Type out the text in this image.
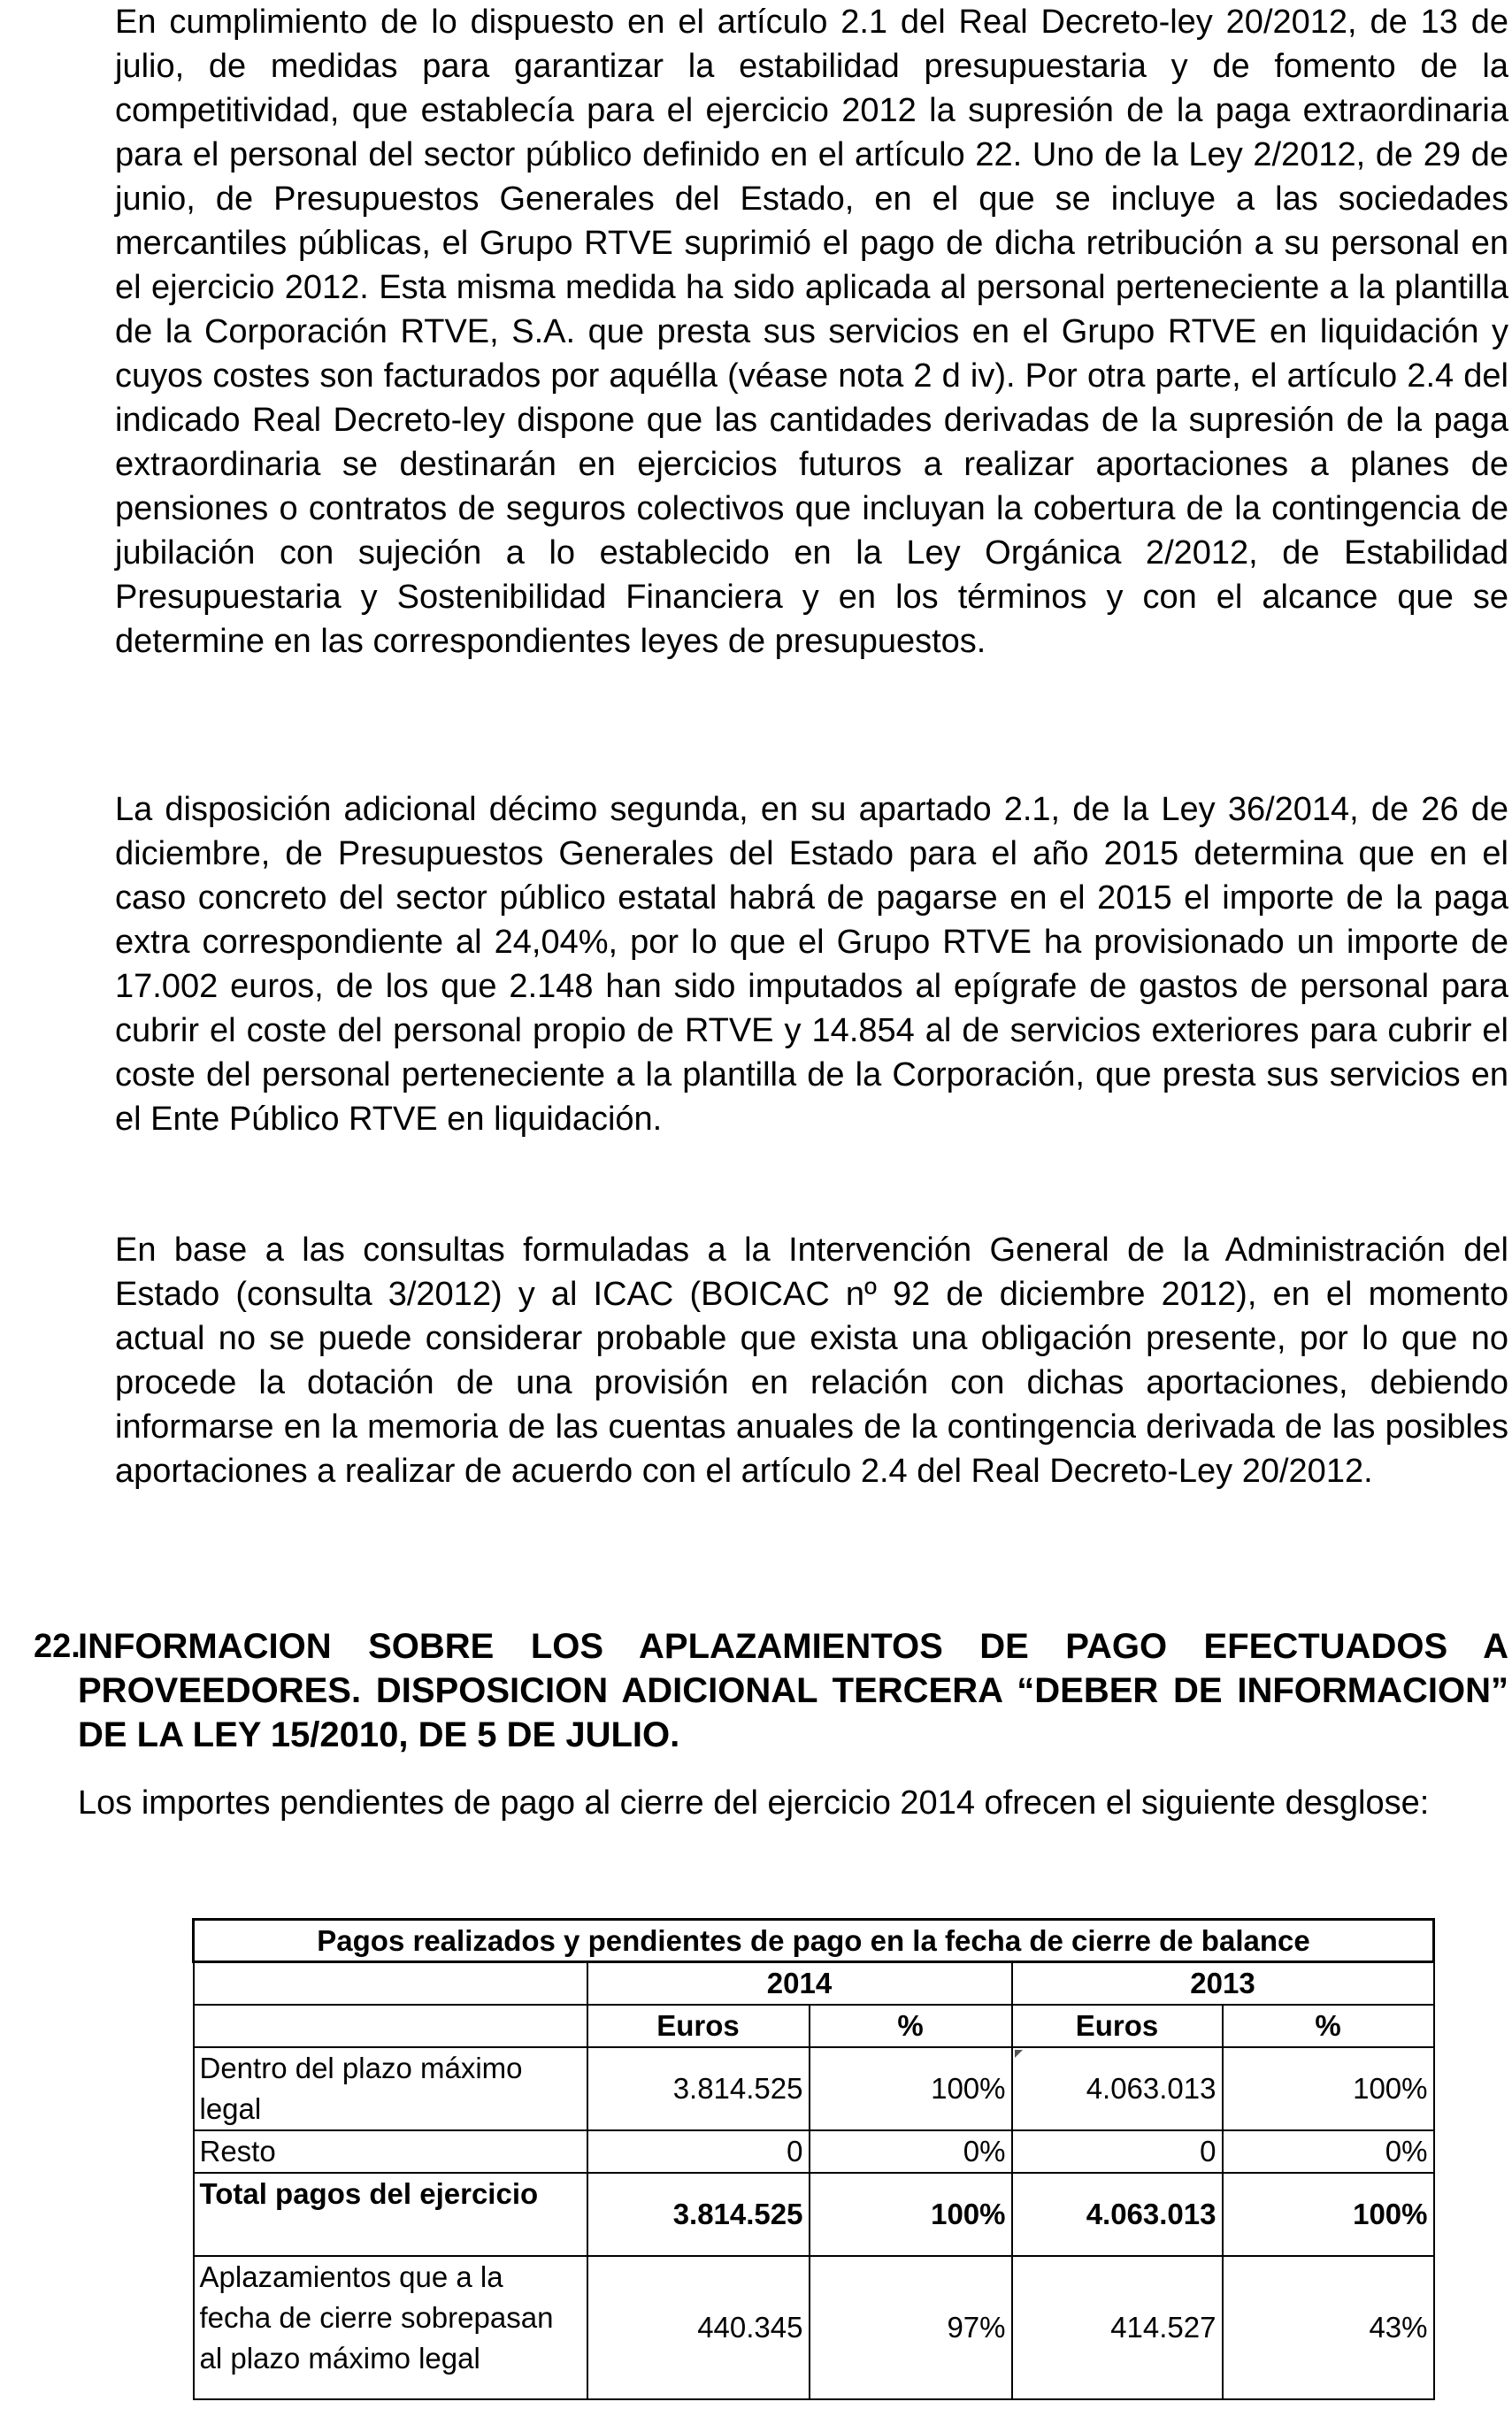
En cumplimiento de lo dispuesto en el artículo 2.1 del Real Decreto-ley 20/2012, de 13 de julio, de medidas para garantizar la estabilidad presupuestaria y de fomento de la competitividad, que establecía para el ejercicio 2012 la supresión de la paga extraordinaria para el personal del sector público definido en el artículo 22. Uno de la Ley 2/2012, de 29 de junio, de Presupuestos Generales del Estado, en el que se incluye a las sociedades mercantiles públicas, el Grupo RTVE suprimió el pago de dicha retribución a su personal en el ejercicio 2012. Esta misma medida ha sido aplicada al personal perteneciente a la plantilla de la Corporación RTVE, S.A. que presta sus servicios en el Grupo RTVE en liquidación y cuyos costes son facturados por aquélla (véase nota 2 d iv). Por otra parte, el artículo 2.4 del indicado Real Decreto-ley dispone que las cantidades derivadas de la supresión de la paga extraordinaria se destinarán en ejercicios futuros a realizar aportaciones a planes de pensiones o contratos de seguros colectivos que incluyan la cobertura de la contingencia de jubilación con sujeción a lo establecido en la Ley Orgánica 2/2012, de Estabilidad Presupuestaria y Sostenibilidad Financiera y en los términos y con el alcance que se determine en las correspondientes leyes de presupuestos.

La disposición adicional décimo segunda, en su apartado 2.1, de la Ley 36/2014, de 26 de diciembre, de Presupuestos Generales del Estado para el año 2015 determina que en el caso concreto del sector público estatal habrá de pagarse en el 2015 el importe de la paga extra correspondiente al 24,04%, por lo que el Grupo RTVE ha provisionado un importe de 17.002 euros, de los que 2.148 han sido imputados al epígrafe de gastos de personal para cubrir el coste del personal propio de RTVE y 14.854 al de servicios exteriores para cubrir el coste del personal perteneciente a la plantilla de la Corporación, que presta sus servicios en el Ente Público RTVE en liquidación.

En base a las consultas formuladas a la Intervención General de la Administración del Estado (consulta 3/2012) y al ICAC (BOICAC nº 92 de diciembre 2012), en el momento actual no se puede considerar probable que exista una obligación presente, por lo que no procede la dotación de una provisión en relación con dichas aportaciones, debiendo informarse en la memoria de las cuentas anuales de la contingencia derivada de las posibles aportaciones a realizar de acuerdo con el artículo 2.4 del Real Decreto-Ley 20/2012.

22.

INFORMACION SOBRE LOS APLAZAMIENTOS DE PAGO EFECTUADOS A PROVEEDORES. DISPOSICION ADICIONAL TERCERA “DEBER DE INFORMACION” DE LA LEY 15/2010, DE 5 DE JULIO.

Los importes pendientes de pago al cierre del ejercicio 2014 ofrecen el siguiente desglose:

Pagos realizados y pendientes de pago en la fecha de cierre de balance				
	2014		2013	
	Euros	%	Euros	%
Dentro del plazo máximo legal	3.814.525	100%	4.063.013	100%
Resto	0	0%	0	0%
Total pagos del ejercicio	3.814.525	100%	4.063.013	100%
Aplazamientos que a la fecha de cierre sobrepasan al plazo máximo legal	440.345	97%	414.527	43%
